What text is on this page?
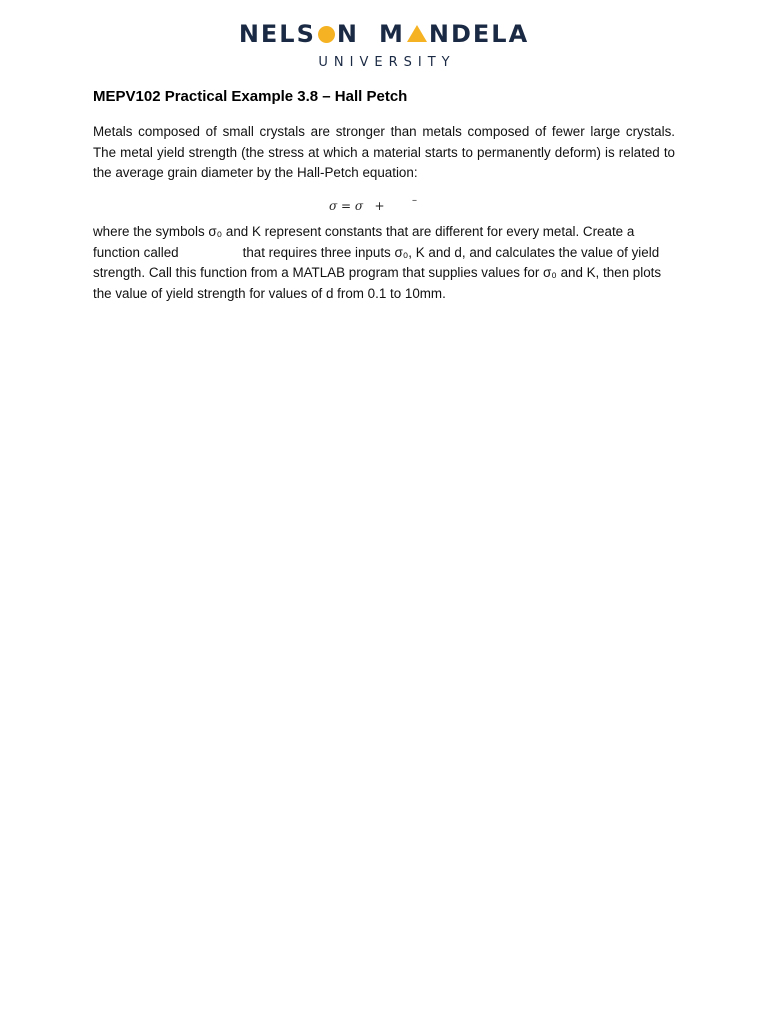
NELS N M NDELA
UNIVERSITY
MEPV102 Practical Example 3.8 – Hall Petch
Metals composed of small crystals are stronger than metals composed of fewer large crystals. The metal yield strength (the stress at which a material starts to permanently deform) is related to the average grain diameter by the Hall-Petch equation:
σ = σ   +	–
where the symbols σ₀ and K represent constants that are different for every metal. Create a function called	that requires three inputs σ₀, K and d, and calculates the value of yield strength. Call this function from a MATLAB program that supplies values for σ₀ and K, then plots the value of yield strength for values of d from 0.1 to 10mm.
